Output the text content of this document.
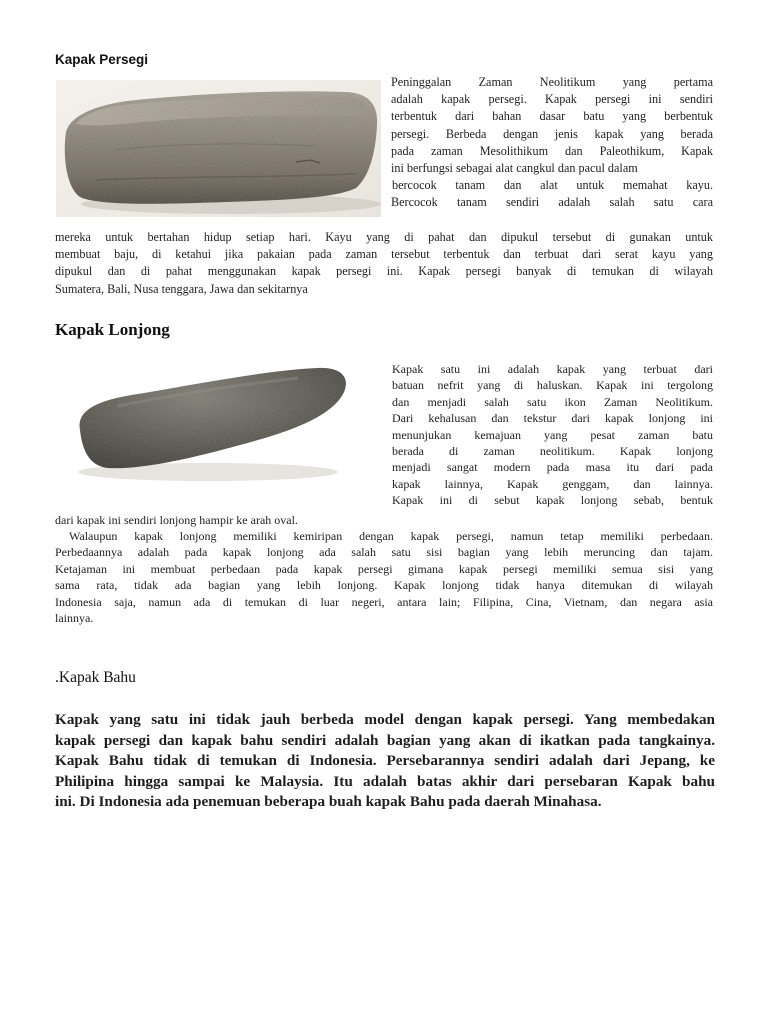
Kapak Persegi

Peninggalan Zaman Neolitikum yang pertama
adalah kapak persegi. Kapak persegi ini sendiri
terbentuk dari bahan dasar batu yang berbentuk
persegi. Berbeda dengan jenis kapak yang berada
pada zaman Mesolithikum dan Paleothikum, Kapak
ini berfungsi sebagai alat cangkul dan pacul dalam
bercocok tanam dan alat untuk memahat kayu.
Bercocok tanam sendiri adalah salah satu cara

mereka untuk bertahan hidup setiap hari. Kayu yang di pahat dan dipukul tersebut di gunakan untuk
membuat baju, di ketahui jika pakaian pada zaman tersebut terbentuk dan terbuat dari serat kayu yang
dipukul dan di pahat menggunakan kapak persegi ini. Kapak persegi banyak di temukan di wilayah
Sumatera, Bali, Nusa tenggara, Jawa dan sekitarnya

Kapak Lonjong

Kapak satu ini adalah kapak yang terbuat dari
batuan nefrit yang di haluskan. Kapak ini tergolong
dan menjadi salah satu ikon Zaman Neolitikum.
Dari kehalusan dan tekstur dari kapak lonjong ini
menunjukan kemajuan yang pesat zaman batu
berada di zaman neolitikum. Kapak lonjong
menjadi sangat modern pada masa itu dari pada
kapak lainnya, Kapak genggam, dan lainnya.
Kapak ini di sebut kapak lonjong sebab, bentuk

dari kapak ini sendiri lonjong hampir ke arah oval.

Walaupun kapak lonjong memiliki kemiripan dengan kapak persegi, namun tetap memiliki perbedaan.
Perbedaannya adalah pada kapak lonjong ada salah satu sisi bagian yang lebih meruncing dan tajam.
Ketajaman ini membuat perbedaan pada kapak persegi gimana kapak persegi memiliki semua sisi yang
sama rata, tidak ada bagian yang lebih lonjong. Kapak lonjong tidak hanya ditemukan di wilayah
Indonesia saja, namun ada di temukan di luar negeri, antara lain; Filipina, Cina, Vietnam, dan negara asia
lainnya.

.Kapak Bahu

Kapak yang satu ini tidak jauh berbeda model dengan kapak persegi. Yang membedakan
kapak persegi dan kapak bahu sendiri adalah bagian yang akan di ikatkan pada tangkainya.
Kapak Bahu tidak di temukan di Indonesia. Persebarannya sendiri adalah dari Jepang, ke
Philipina hingga sampai ke Malaysia. Itu adalah batas akhir dari persebaran Kapak bahu
ini. Di Indonesia ada penemuan beberapa buah kapak Bahu pada daerah Minahasa.
